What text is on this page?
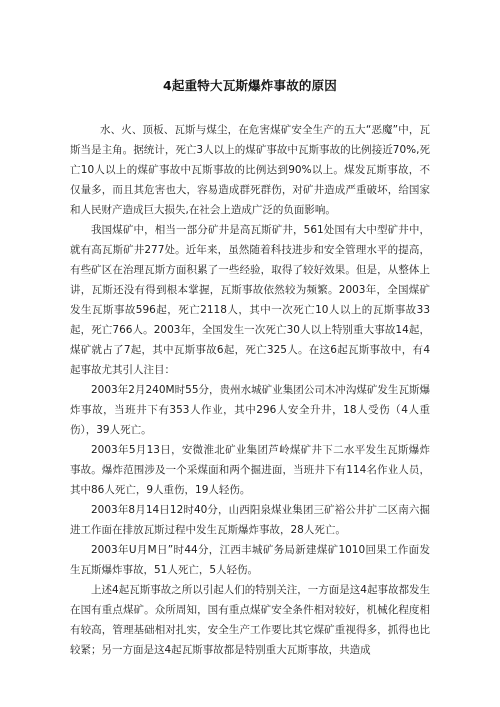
4起重特大瓦斯爆炸事故的原因

水、火、顶板、瓦斯与煤尘，在危害煤矿安全生产的五大“恶魔”中，瓦斯当是主角。据统计，死亡3人以上的煤矿事故中瓦斯事故的比例接近70%,死亡10人以上的煤矿事故中瓦斯事故的比例达到90%以上。煤发瓦斯事故，不仅量多，而且其危害也大，容易造成群死群伤，对矿井造成严重破坏，给国家和人民财产造成巨大损失,在社会上造成广泛的负面影响。

我国煤矿中，相当一部分矿井是高瓦斯矿井，561处国有大中型矿井中，就有高瓦斯矿井277处。近年来，虽然随着科技进步和安全管理水平的提高，有些矿区在治理瓦斯方面积累了一些经验，取得了较好效果。但是，从整体上讲，瓦斯还没有得到根本掌握，瓦斯事故依然较为频繁。2003年，全国煤矿发生瓦斯事故596起，死亡2118人，其中一次死亡10人以上的瓦斯事故33起，死亡766人。2003年，全国发生一次死亡30人以上特别重大事故14起，煤矿就占了7起，其中瓦斯事故6起，死亡325人。在这6起瓦斯事故中，有4起事故尤其引人注目：

2003年2月240M时55分，贵州水城矿业集团公司木冲沟煤矿发生瓦斯爆炸事故，当班井下有353人作业，其中296人安全升井，18人受伤（4人重伤），39人死亡。

2003年5月13日，安微淮北矿业集团芦岭煤矿井下二水平发生瓦斯爆炸事故。爆炸范围涉及一个采煤面和两个掘进面，当班井下有114名作业人员，其中86人死亡，9人重伤，19人轻伤。

2003年8月14日12时40分，山西阳泉煤业集团三矿裕公井扩二区南六掘进工作面在排放瓦斯过程中发生瓦斯爆炸事故，28人死亡。

2003年U月M日”时44分，江西丰城矿务局新建煤矿1010回果工作面发生瓦斯爆炸事故，51人死亡，5人轻伤。

上述4起瓦斯事故之所以引起人们的特别关注，一方面是这4起事故都发生在国有重点煤矿。众所周知，国有重点煤矿安全条件相对较好，机械化程度相有较高，管理基础相对扎实，安全生产工作要比其它煤矿重视得多，抓得也比较紧；另一方面是这4起瓦斯事故都是特别重大瓦斯事故，共造成
